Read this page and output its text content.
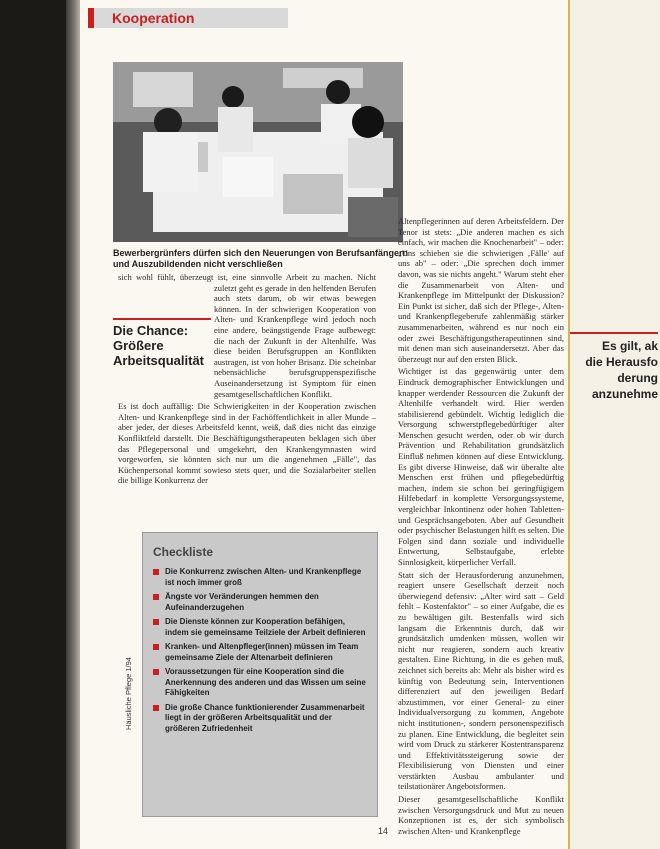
Kooperation
Bewerbergrünfers dürfen sich den Neuerungen von Berufsanfängern und Auszubildenden nicht verschließen
Die Chance: Größere Arbeitsqualität

sich wohl fühlt, überzeugt ist, eine sinnvolle Arbeit zu machen. Nicht zuletzt geht es gerade in den helfenden Berufen auch stets darum, ob wir etwas bewegen können. In der schwierigen Kooperation von Alten- und Krankenpflege wird jedoch noch eine andere, beängstigende Frage aufbewegt: die nach der Zukunft in der Altenhilfe. Was diese beiden Berufsgruppen an Konflikten austragen, ist von hoher Brisanz. Die scheinbar nebensächliche berufsgruppenspezifische Auseinandersetzung ist Symptom für einen gesamtgesellschaftlichen Konflikt.

Es ist doch auffällig: Die Schwierigkeiten in der Kooperation zwischen Alten- und Krankenpflege sind in der Fachöffentlichkeit in aller Munde – aber jeder, der dieses Arbeitsfeld kennt, weiß, daß dies nicht das einzige Konfliktfeld darstellt. Die Beschäftigungstherapeuten beklagen sich über das Pflegepersonal und umgekehrt, den Krankengymnasten wird vorgeworfen, sie könnten sich nur um die angenehmen „Fälle", das Küchenpersonal kommt sowieso stets quer, und die Sozialarbeiter stellen die billige Konkurrenz der

Checkliste
Die Konkurrenz zwischen Alten- und Krankenpflege ist noch immer groß
Ängste vor Veränderungen hemmen den Aufeinanderzugehen
Die Dienste können zur Kooperation befähigen, indem sie gemeinsame Teilziele der Arbeit definieren
Kranken- und Altenpfleger(innen) müssen im Team gemeinsame Ziele der Altenarbeit definieren
Voraussetzungen für eine Kooperation sind die Anerkennung des anderen und das Wissen um seine Fähigkeiten
Die große Chance funktionierender Zusammenarbeit liegt in der größeren Arbeitsqualität und der größeren Zufriedenheit
Häusliche Pflege 1/94

Altenpflegerinnen auf deren Arbeitsfeldern. Der Tenor ist stets: „Die anderen machen es sich einfach, wir machen die Knochenarbeit" – oder: „Uns schieben sie die schwierigen ‚Fälle' auf uns ab" – oder: „Die sprechen doch immer davon, was sie nichts angeht." Warum steht eher die Zusammenarbeit von Alten- und Krankenpflege im Mittelpunkt der Diskussion? Ein Punkt ist sicher, daß sich der Pflege-, Alten- und Krankenpflegeberufe zahlenmäßig stärker zusammenarbeiten, während es nur noch ein oder zwei Beschäftigungstherapeutinnen sind, mit denen man sich auseinandersetzt. Aber das überzeugt nur auf den ersten Blick.

Wichtiger ist das gegenwärtig unter dem Eindruck demographischer Entwicklungen und knapper werdender Ressourcen die Zukunft der Altenhilfe verhandelt wird. Hier werden stabilisierend gebündelt. Wichtig lediglich die Versorgung schwerstpflegebedürftiger alter Menschen gesucht werden, oder ob wir durch Prävention und Rehabilitation grundsätzlich Einfluß nehmen können auf diese Entwicklung. Es gibt diverse Hinweise, daß wir überalte alte Menschen erst frühen und pflegebedürftig machen, indem sie schon bei geringfügigem Hilfebedarf in komplette Versorgungssysteme, vergleichbar Inkontinenz oder hohen Tabletten- und Gesprächsangeboten. Aber auf Gesundheit oder psychischer Belastungen hilft es selten. Die Folgen sind dann soziale und individuelle Entwertung, Selbstaufgabe, erlebte Sinnlosigkeit, körperlicher Verfall.

Statt sich der Herausforderung anzunehmen, reagiert unsere Gesellschaft derzeit noch überwiegend defensiv: „Alter wird satt – Geld fehlt – Kostenfaktor" – so einer Aufgabe, die es zu bewältigen gilt. Bestenfalls wird sich langsam die Erkenntnis durch, daß wir grundsätzlich umdenken müssen, wollen wir nicht nur reagieren, sondern auch kreativ gestalten. Eine Richtung, in die es gehen muß, zeichnet sich bereits ab: Mehr als bisher wird es künftig von Bedeutung sein, Interventionen differenziert auf den jeweiligen Bedarf abzustimmen, vor einer General- zu einer Individualversorgung zu kommen, Angebote nicht institutionen-, sondern personenspezifisch zu planen. Eine Entwicklung, die begleitet sein wird vom Druck zu stärkerer Kostentransparenz und Effektivitätssteigerung sowie der Flexibilisierung von Diensten und einer verstärkten Ausbau ambulanter und teilstationärer Angebotsformen.

Dieser gesamtgesellschaftliche Konflikt zwischen Versorgungsdruck und Mut zu neuen Konzeptionen ist es, der sich symbolisch zwischen Alten- und Krankenpflege

Es gilt, ak
die Herausfo
derung
anzunehme
14
